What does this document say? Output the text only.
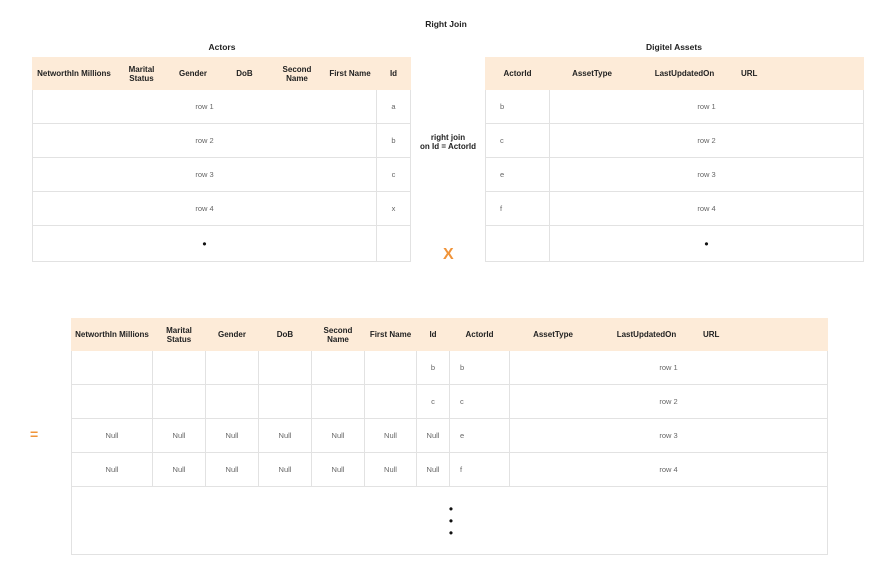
Right Join
Actors	Digitel Assets
NetworthIn Millions	Marital Status	Gender	DoB	Second Name	First Name	Id
row 1						a
row 2						b
row 3						c
row 4						x
•						
right join
on Id = ActorId
ActorId	AssetType	LastUpdatedOn	URL
b	row 1		
c	row 2		
e	row 3		
f	row 4		
	•		
X
=
NetworthIn Millions	Marital Status	Gender	DoB	Second Name	First Name	Id	ActorId	AssetType	LastUpdatedOn	URL
						b	b	row 1		
						c	c	row 2		
Null	Null	Null	Null	Null	Null	Null	e	row 3		
Null	Null	Null	Null	Null	Null	Null	f	row 4		

•
•
•										
